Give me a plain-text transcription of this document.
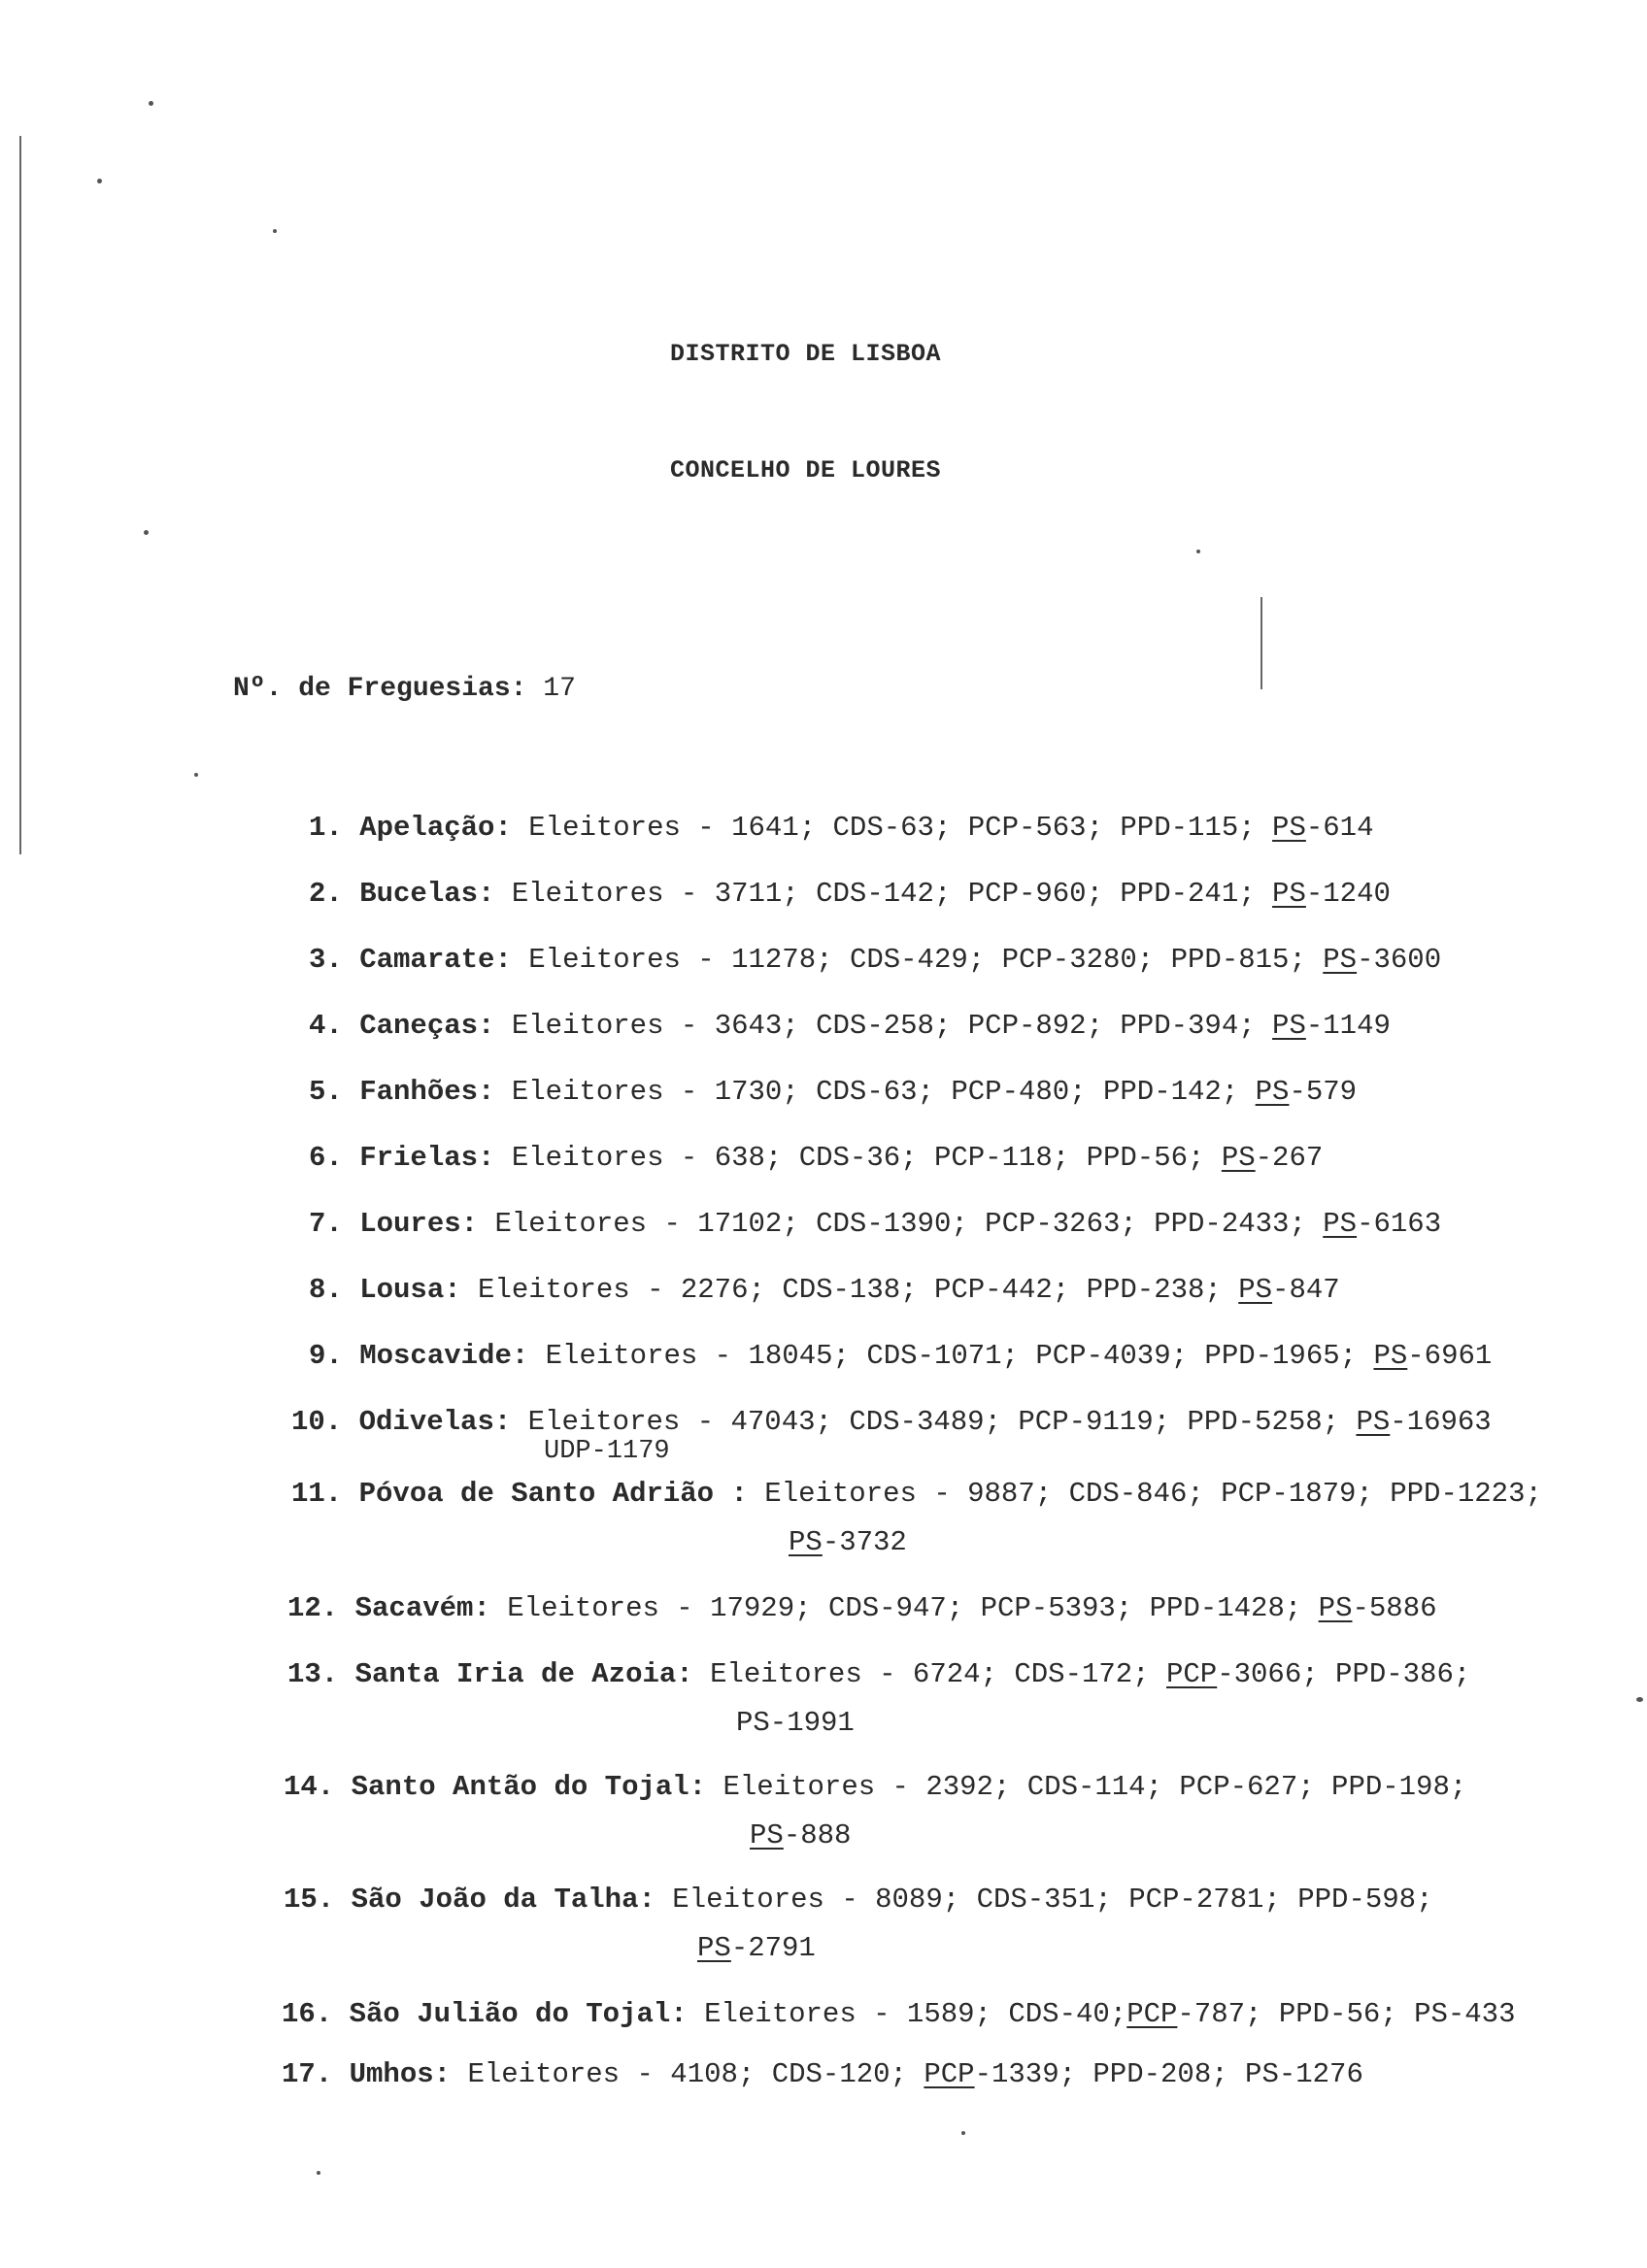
DISTRITO DE LISBOA
CONCELHO DE LOURES
Nº. de Freguesias: 17
1. Apelação: Eleitores - 1641; CDS-63; PCP-563; PPD-115; PS-614
2. Bucelas: Eleitores - 3711; CDS-142; PCP-960; PPD-241; PS-1240
3. Camarate: Eleitores - 11278; CDS-429; PCP-3280; PPD-815; PS-3600
4. Caneças: Eleitores - 3643; CDS-258; PCP-892; PPD-394; PS-1149
5. Fanhões: Eleitores - 1730; CDS-63; PCP-480; PPD-142; PS-579
6. Frielas: Eleitores - 638; CDS-36; PCP-118; PPD-56; PS-267
7. Loures: Eleitores - 17102; CDS-1390; PCP-3263; PPD-2433; PS-6163
8. Lousa: Eleitores - 2276; CDS-138; PCP-442; PPD-238; PS-847
9. Moscavide: Eleitores - 18045; CDS-1071; PCP-4039; PPD-1965; PS-6961
10. Odivelas: Eleitores - 47043; CDS-3489; PCP-9119; PPD-5258; PS-16963
UDP-1179
11. Póvoa de Santo Adrião : Eleitores - 9887; CDS-846; PCP-1879; PPD-1223;
PS-3732
12. Sacavém: Eleitores - 17929; CDS-947; PCP-5393; PPD-1428; PS-5886
13. Santa Iria de Azoia: Eleitores - 6724; CDS-172; PCP-3066; PPD-386;
PS-1991
14. Santo Antão do Tojal: Eleitores - 2392; CDS-114; PCP-627; PPD-198;
PS-888
15. São João da Talha: Eleitores - 8089; CDS-351; PCP-2781; PPD-598;
PS-2791
16. São Julião do Tojal: Eleitores - 1589; CDS-40;PCP-787; PPD-56; PS-433
17. Umhos: Eleitores - 4108; CDS-120; PCP-1339; PPD-208; PS-1276
